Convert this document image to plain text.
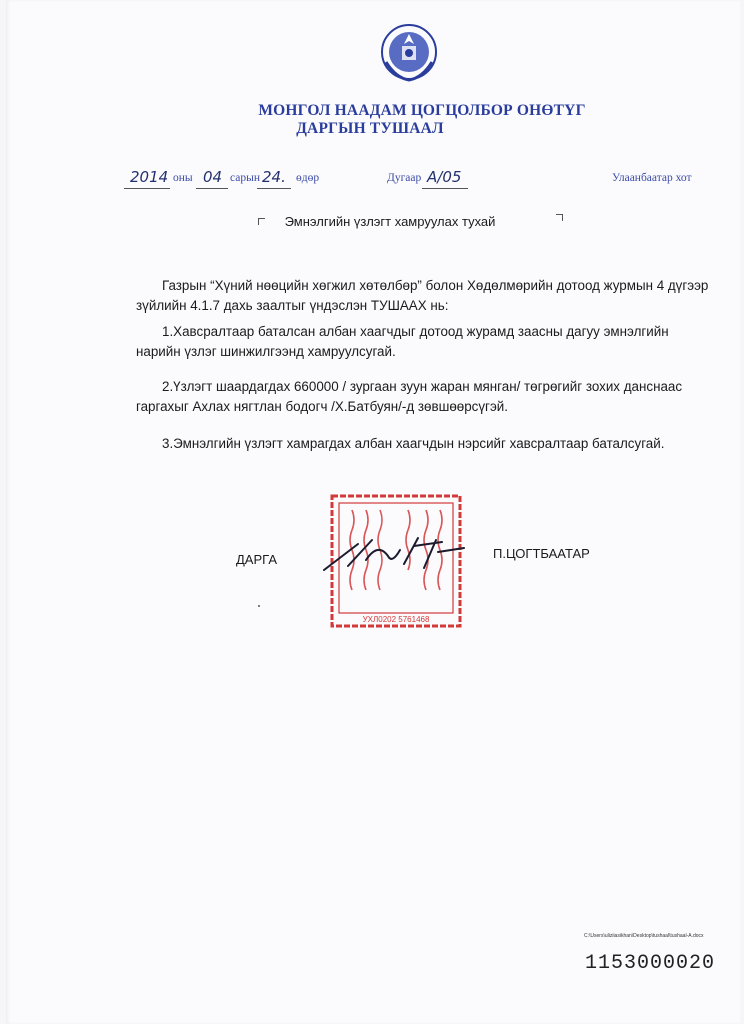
МОНГОЛ НААДАМ ЦОГЦОЛБОР ОНӨТҮГ
ДАРГЫН ТУШААЛ
2014 оны 04 сарын 24. өдөр	Дугаар А/05	Улаанбаатар хот
Эмнэлгийн үзлэгт хамруулах тухай
Газрын “Хүний нөөцийн хөгжил хөтөлбөр” болон Хөдөлмөрийн дотоод журмын 4 дүгээр зүйлийн 4.1.7 дахь заалтыг үндэслэн ТУШААХ нь:
1.Хавсралтаар баталсан албан хаагчдыг дотоод журамд заасны дагуу эмнэлгийн нарийн үзлэг шинжилгээнд хамруулсугай.
2.Үзлэгт шаардагдах 660000 / зургаан зуун жаран мянган/ төгрөгийг зохих данснаас гаргахыг Ахлах нягтлан бодогч /Х.Батбуян/-д зөвшөөрсүгэй.
3.Эмнэлгийн үзлэгт хамрагдах албан хаагчдын нэрсийг хавсралтаар баталсугай.
УХЛ0202 5761468
ДАРГА	П.ЦОГТБААТАР
C:\Users\uliziiasikhan\Desktop\tushaal\tushaal-A.docx
1153000020
